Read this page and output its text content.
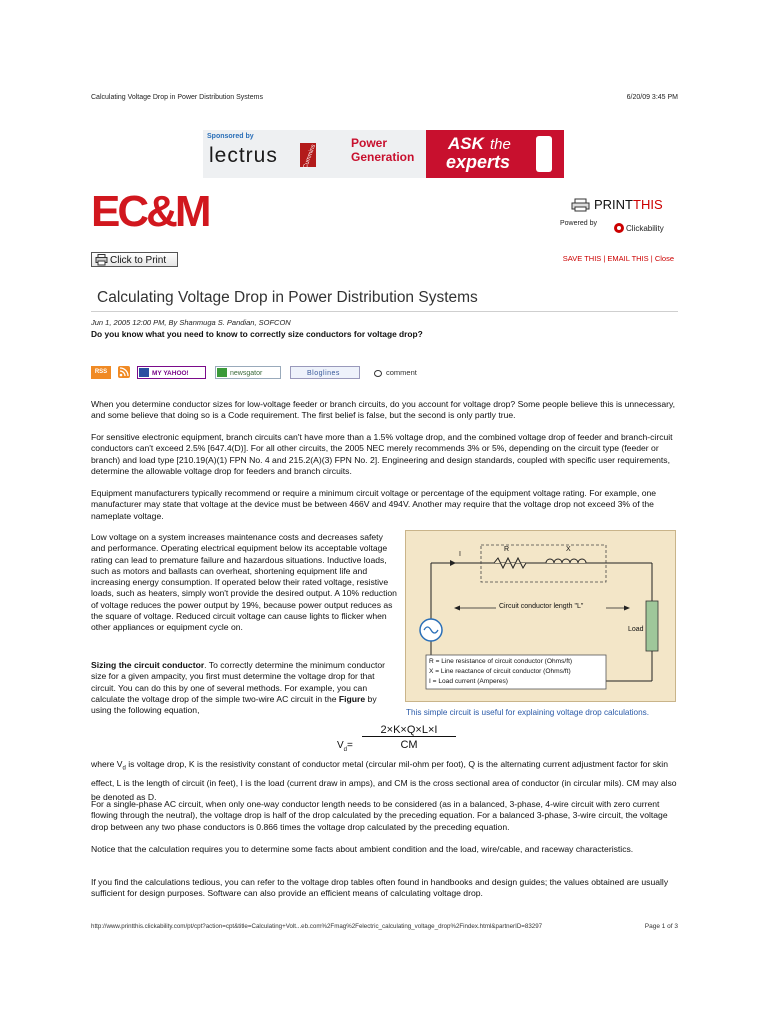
Calculating Voltage Drop in Power Distribution Systems	6/20/09 3:45 PM
Sponsored by
lectrus	Cummins
Power
Generation
ASK the
experts
EC&M	PRINTTHIS
Powered by
Clickability
Click to Print	SAVE THIS | EMAIL THIS | Close
Calculating Voltage Drop in Power Distribution Systems
Jun 1, 2005 12:00 PM, By Shanmuga S. Pandian, SOFCON
Do you know what you need to know to correctly size conductors for voltage drop?
RSS	MY YAHOO!	newsgator	Bloglines	comment

When you determine conductor sizes for low-voltage feeder or branch circuits, do you account for voltage drop? Some people believe this is unnecessary, and some believe that doing so is a Code requirement. The first belief is false, but the second is only partly true.

For sensitive electronic equipment, branch circuits can't have more than a 1.5% voltage drop, and the combined voltage drop of feeder and branch-circuit conductors can't exceed 2.5% [647.4(D)]. For all other circuits, the 2005 NEC merely recommends 3% or 5%, depending on the circuit type (feeder or branch) and load type [210.19(A)(1) FPN No. 4 and 215.2(A)(3) FPN No. 2]. Engineering and design standards, coupled with specific user requirements, determine the allowable voltage drop for feeders and branch circuits.

Equipment manufacturers typically recommend or require a minimum circuit voltage or percentage of the equipment voltage rating. For example, one manufacturer may state that voltage at the device must be between 466V and 494V. Another may require that the voltage drop not exceed 3% of the nameplate voltage.

Low voltage on a system increases maintenance costs and decreases safety and performance. Operating electrical equipment below its acceptable voltage rating can lead to premature failure and hazardous situations. Inductive loads, such as motors and ballasts can overheat, shortening equipment life and increasing energy consumption. If operated below their rated voltage, resistive loads, such as heaters, simply won't provide the desired output. A 10% reduction of voltage reduces the power output by 19%, because power output reduces as the square of voltage. Reduced circuit voltage can cause lights to flicker when other appliances or equipment cycle on.

Sizing the circuit conductor. To correctly determine the minimum conductor size for a given ampacity, you first must determine the voltage drop for that circuit. You can do this by one of several methods. For example, you can calculate the voltage drop of the simple two-wire AC circuit in the Figure by using the following equation,

I
R	X
Circuit conductor length "L"
Load
R = Line resistance of circuit conductor (Ohms/ft)
X = Line reactance of circuit conductor (Ohms/ft)
I = Load current (Amperes)
This simple circuit is useful for explaining voltage drop calculations.
$V_d=$
2×K×Q×L×I
CM

where $V_d$ is voltage drop, K is the resistivity constant of conductor metal (circular mil-ohm per foot), Q is the alternating current adjustment factor for skin effect, L is the length of circuit (in feet), I is the load (current draw in amps), and CM is the cross sectional area of conductor (in circular mils). CM may also be denoted as D.

For a single-phase AC circuit, when only one-way conductor length needs to be considered (as in a balanced, 3-phase, 4-wire circuit with zero current flowing through the neutral), the voltage drop is half of the drop calculated by the preceding equation. For a balanced 3-phase, 3-wire circuit, the voltage drop between any two phase conductors is 0.866 times the voltage drop calculated by the preceding equation.

Notice that the calculation requires you to determine some facts about ambient condition and the load, wire/cable, and raceway characteristics.

If you find the calculations tedious, you can refer to the voltage drop tables often found in handbooks and design guides; the values obtained are usually sufficient for design purposes. Software can also provide an efficient means of calculating voltage drop.

http://www.printthis.clickability.com/pt/cpt?action=cpt&title=Calculating+Volt...eb.com%2Fmag%2Felectric_calculating_voltage_drop%2Findex.html&partnerID=83297	Page 1 of 3
